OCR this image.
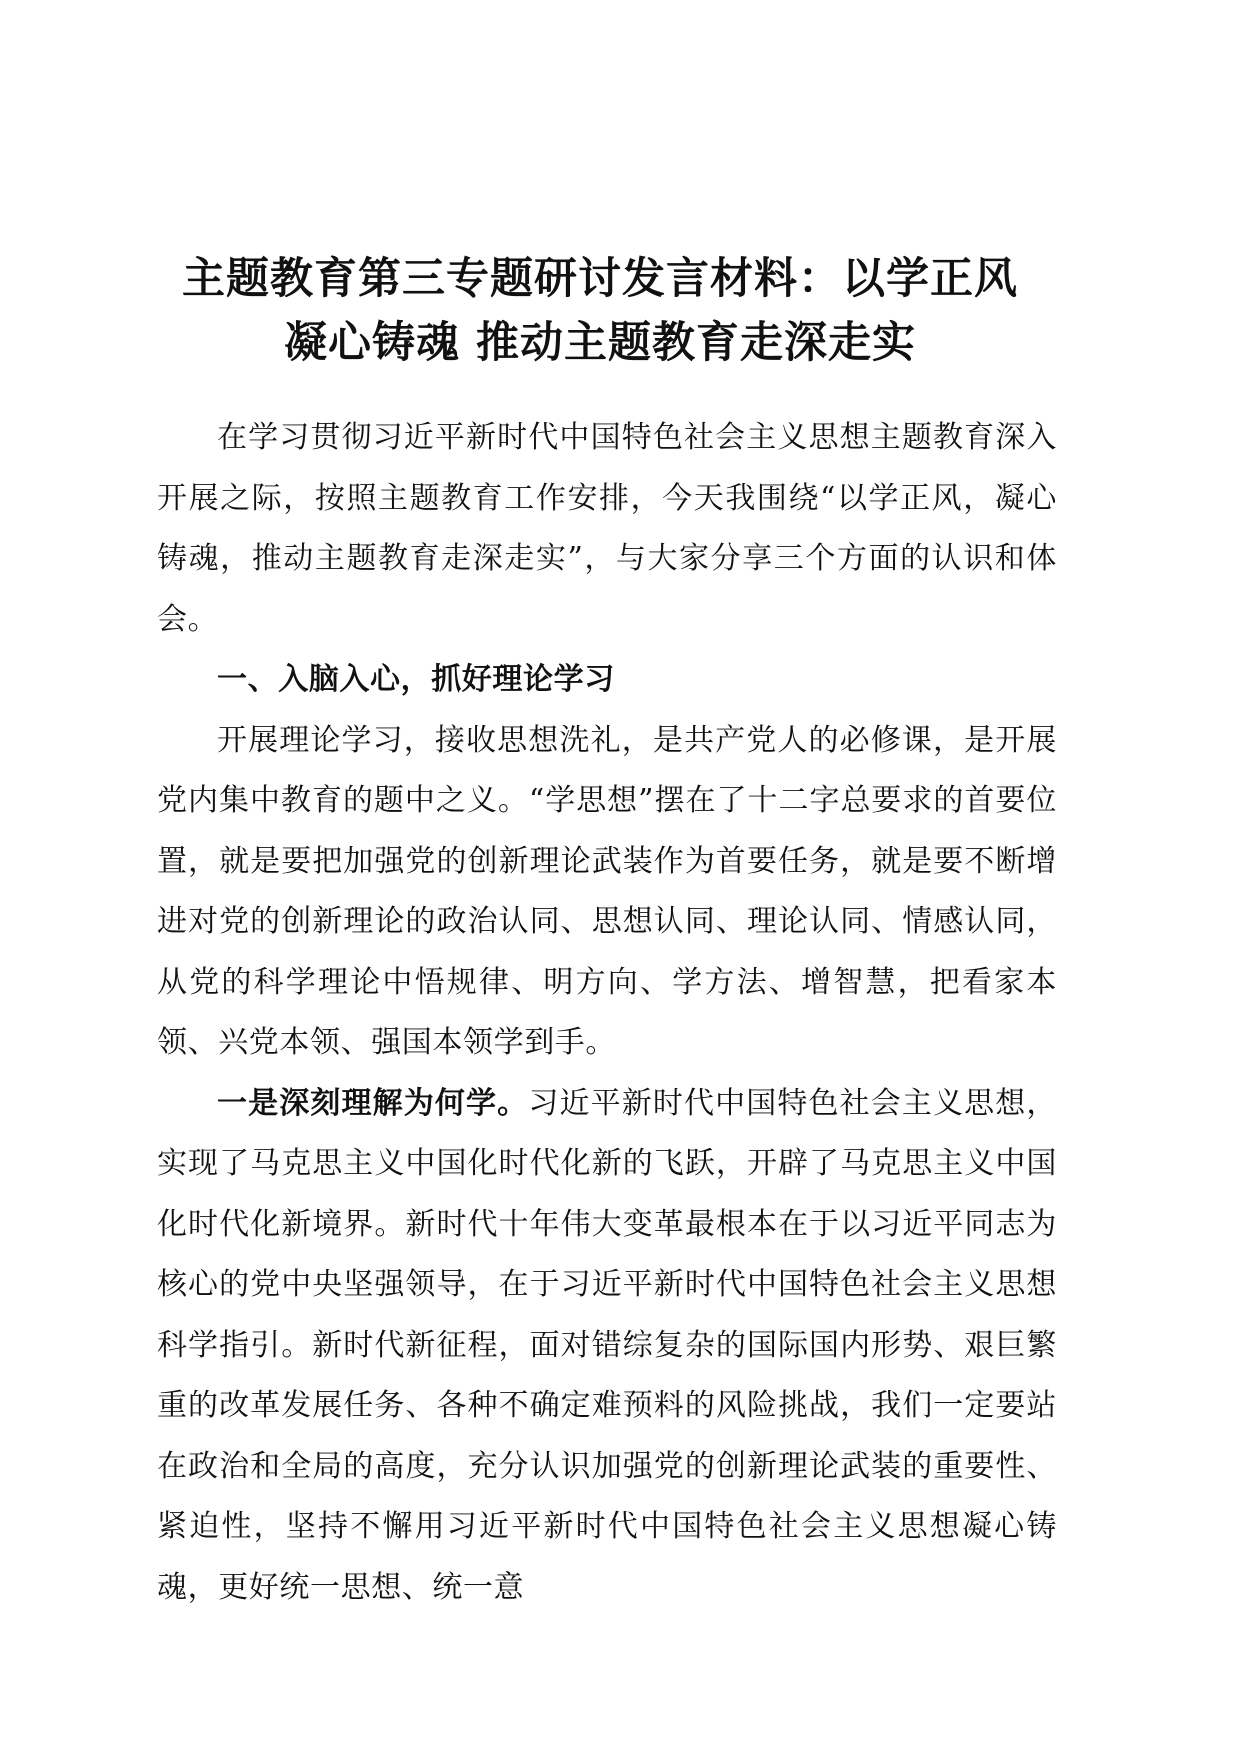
主题教育第三专题研讨发言材料：以学正风
凝心铸魂 推动主题教育走深走实

在学习贯彻习近平新时代中国特色社会主义思想主题教育深入开展之际，按照主题教育工作安排，今天我围绕“以学正风，凝心铸魂，推动主题教育走深走实”，与大家分享三个方面的认识和体会。

一、入脑入心，抓好理论学习

开展理论学习，接收思想洗礼，是共产党人的必修课，是开展党内集中教育的题中之义。“学思想”摆在了十二字总要求的首要位置，就是要把加强党的创新理论武装作为首要任务，就是要不断增进对党的创新理论的政治认同、思想认同、理论认同、情感认同，从党的科学理论中悟规律、明方向、学方法、增智慧，把看家本领、兴党本领、强国本领学到手。

一是深刻理解为何学。习近平新时代中国特色社会主义思想，实现了马克思主义中国化时代化新的飞跃，开辟了马克思主义中国化时代化新境界。新时代十年伟大变革最根本在于以习近平同志为核心的党中央坚强领导，在于习近平新时代中国特色社会主义思想科学指引。新时代新征程，面对错综复杂的国际国内形势、艰巨繁重的改革发展任务、各种不确定难预料的风险挑战，我们一定要站在政治和全局的高度，充分认识加强党的创新理论武装的重要性、紧迫性，坚持不懈用习近平新时代中国特色社会主义思想凝心铸魂，更好统一思想、统一意
